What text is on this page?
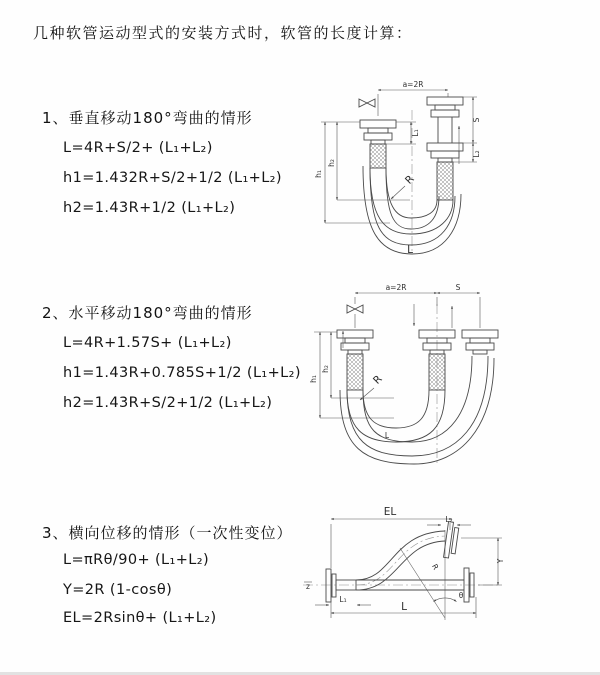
几种软管运动型式的安装方式时，软管的长度计算：
1、垂直移动180°弯曲的情形
L=4R+S/2+ (L₁+L₂)
h1=1.432R+S/2+1/2 (L₁+L₂)
h2=1.43R+1/2 (L₁+L₂)
a=2R
L₁
S
L₂
h₂
h₁	R
L
2、水平移动180°弯曲的情形
L=4R+1.57S+ (L₁+L₂)
h1=1.43R+0.785S+1/2 (L₁+L₂)
h2=1.43R+S/2+1/2 (L₁+L₂)
a=2R	S
h₂
h₁	R
L
3、横向位移的情形（一次性变位）
L=πRθ/90+ (L₁+L₂)
Y=2R (1-cosθ)
EL=2Rsinθ+ (L₁+L₂)
EL
L₂
Y
R
θ
L
L₁
z
